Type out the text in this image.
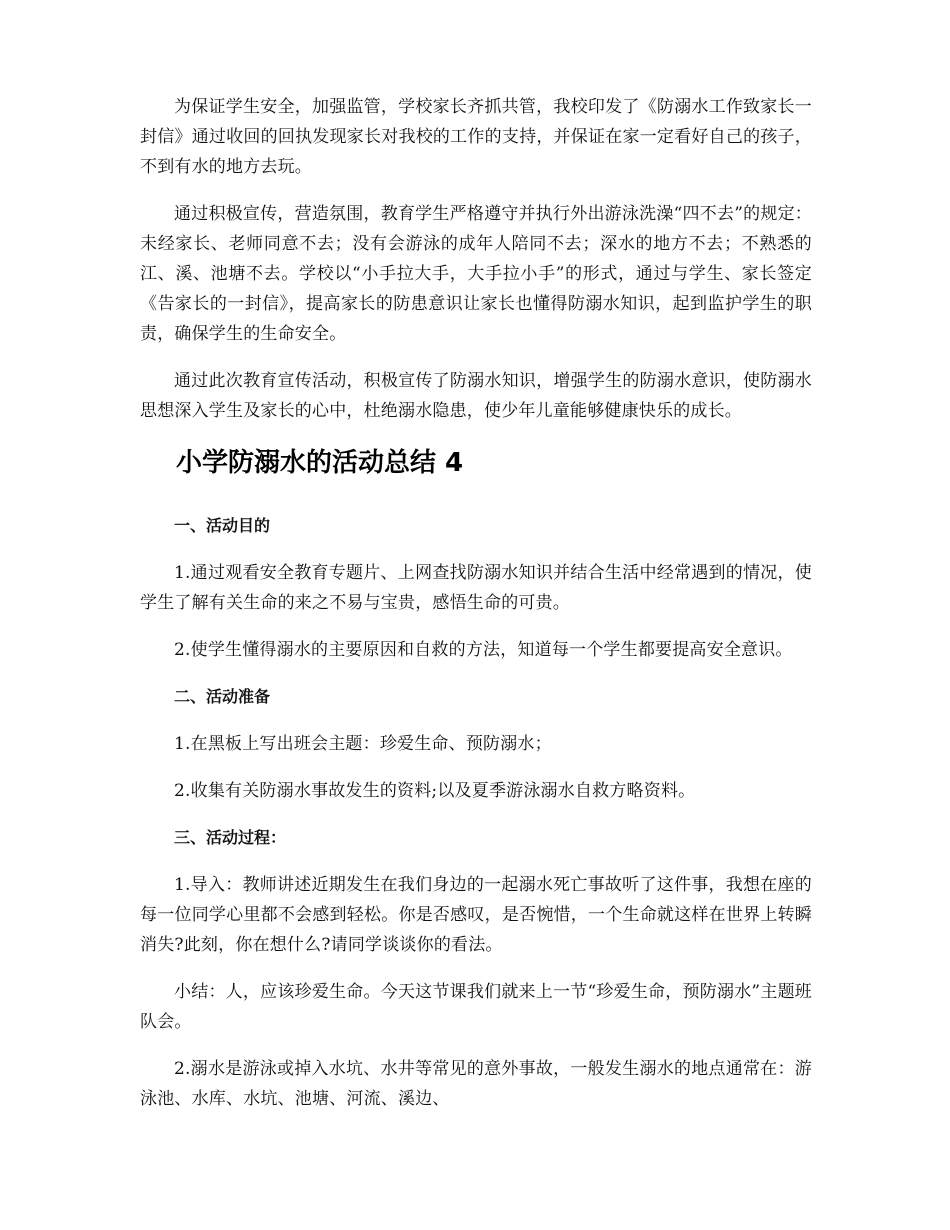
为保证学生安全，加强监管，学校家长齐抓共管，我校印发了《防溺水工作致家长一封信》通过收回的回执发现家长对我校的工作的支持，并保证在家一定看好自己的孩子，不到有水的地方去玩。

通过积极宣传，营造氛围，教育学生严格遵守并执行外出游泳洗澡“四不去”的规定：未经家长、老师同意不去；没有会游泳的成年人陪同不去；深水的地方不去；不熟悉的江、溪、池塘不去。学校以“小手拉大手，大手拉小手”的形式，通过与学生、家长签定《告家长的一封信》，提高家长的防患意识让家长也懂得防溺水知识，起到监护学生的职责，确保学生的生命安全。

通过此次教育宣传活动，积极宣传了防溺水知识，增强学生的防溺水意识，使防溺水思想深入学生及家长的心中，杜绝溺水隐患，使少年儿童能够健康快乐的成长。

小学防溺水的活动总结 4
一、活动目的

1.通过观看安全教育专题片、上网查找防溺水知识并结合生活中经常遇到的情况，使学生了解有关生命的来之不易与宝贵，感悟生命的可贵。

2.使学生懂得溺水的主要原因和自救的方法，知道每一个学生都要提高安全意识。

二、活动准备

1.在黑板上写出班会主题：珍爱生命、预防溺水；

2.收集有关防溺水事故发生的资料;以及夏季游泳溺水自救方略资料。

三、活动过程：

1.导入：教师讲述近期发生在我们身边的一起溺水死亡事故听了这件事，我想在座的每一位同学心里都不会感到轻松。你是否感叹，是否惋惜，一个生命就这样在世界上转瞬消失?此刻，你在想什么?请同学谈谈你的看法。

小结：人，应该珍爱生命。今天这节课我们就来上一节“珍爱生命，预防溺水”主题班队会。

2.溺水是游泳或掉入水坑、水井等常见的意外事故，一般发生溺水的地点通常在：游泳池、水库、水坑、池塘、河流、溪边、
